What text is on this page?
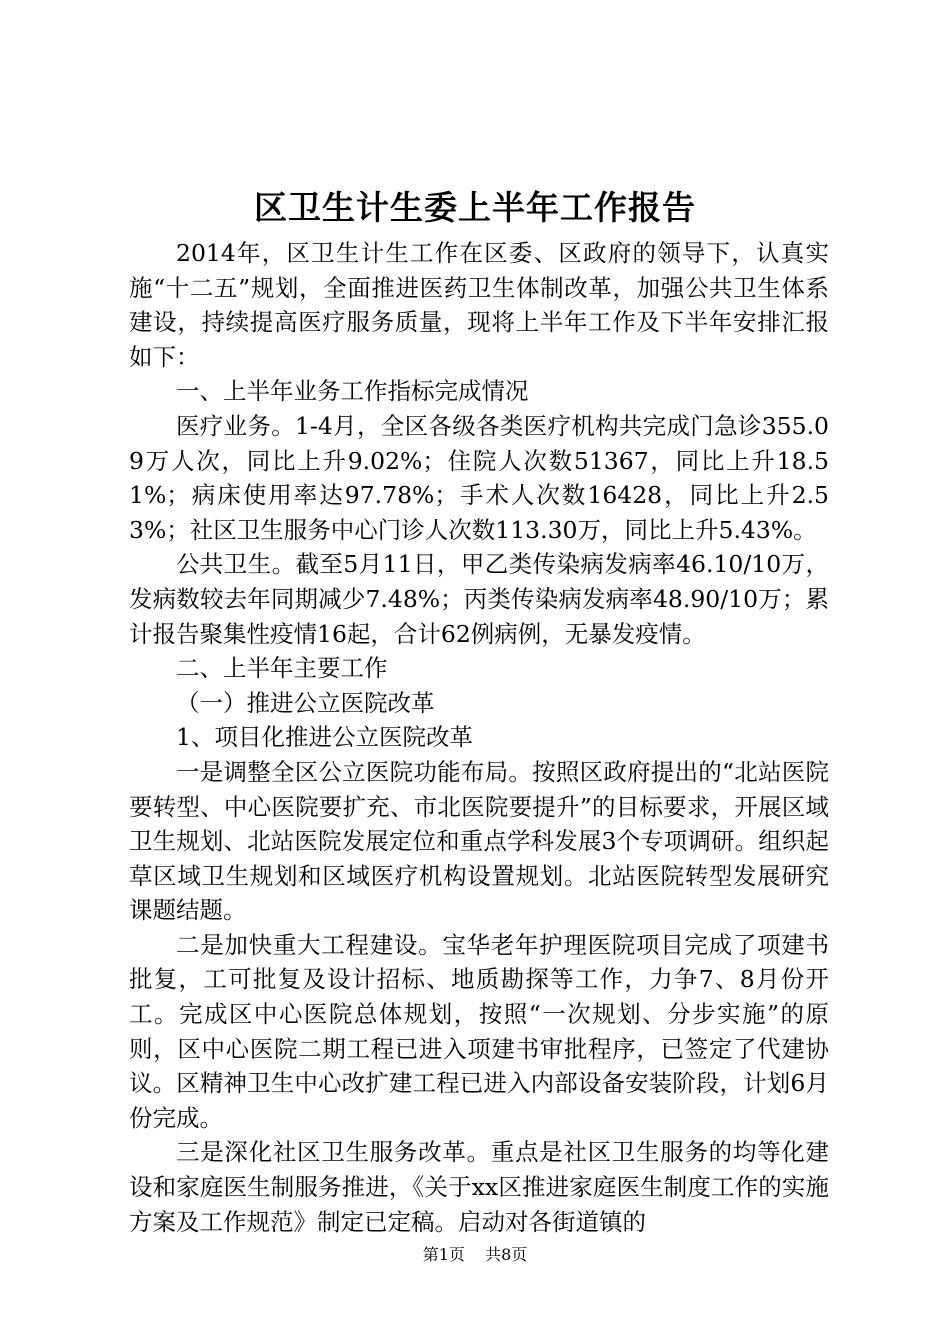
区卫生计生委上半年工作报告

2014年，区卫生计生工作在区委、区政府的领导下，认真实施“十二五”规划，全面推进医药卫生体制改革，加强公共卫生体系建设，持续提高医疗服务质量，现将上半年工作及下半年安排汇报如下：

一、上半年业务工作指标完成情况

医疗业务。1-4月，全区各级各类医疗机构共完成门急诊355.09万人次，同比上升9.02%；住院人次数51367，同比上升18.51%；病床使用率达97.78%；手术人次数16428，同比上升2.53%；社区卫生服务中心门诊人次数113.30万，同比上升5.43%。

公共卫生。截至5月11日，甲乙类传染病发病率46.10/10万，发病数较去年同期减少7.48%；丙类传染病发病率48.90/10万；累计报告聚集性疫情16起，合计62例病例，无暴发疫情。

二、上半年主要工作

（一）推进公立医院改革

1、项目化推进公立医院改革

一是调整全区公立医院功能布局。按照区政府提出的“北站医院要转型、中心医院要扩充、市北医院要提升”的目标要求，开展区域卫生规划、北站医院发展定位和重点学科发展3个专项调研。组织起草区域卫生规划和区域医疗机构设置规划。北站医院转型发展研究课题结题。

二是加快重大工程建设。宝华老年护理医院项目完成了项建书批复，工可批复及设计招标、地质勘探等工作，力争7、8月份开工。完成区中心医院总体规划，按照“一次规划、分步实施”的原则，区中心医院二期工程已进入项建书审批程序，已签定了代建协议。区精神卫生中心改扩建工程已进入内部设备安装阶段，计划6月份完成。

三是深化社区卫生服务改革。重点是社区卫生服务的均等化建设和家庭医生制服务推进，《关于xx区推进家庭医生制度工作的实施方案及工作规范》制定已定稿。启动对各街道镇的

第1页 共8页
